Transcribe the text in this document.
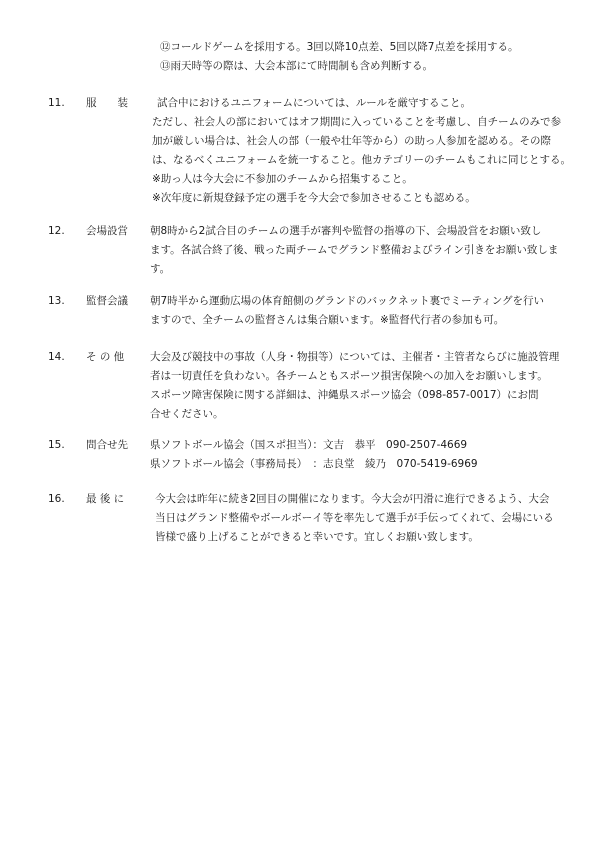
⑫コールドゲームを採用する。3回以降10点差、5回以降7点差を採用する。
⑬雨天時等の際は、大会本部にて時間制も含め判断する。
11. 服　　装	試合中におけるユニフォームについては、ルールを厳守すること。
ただし、社会人の部においてはオフ期間に入っていることを考慮し、自チームのみで参
加が厳しい場合は、社会人の部（一般や壮年等から）の助っ人参加を認める。その際
は、なるべくユニフォームを統一すること。他カテゴリーのチームもこれに同じとする。
※助っ人は今大会に不参加のチームから招集すること。
※次年度に新規登録予定の選手を今大会で参加させることも認める。
12. 会場設営 朝8時から2試合目のチームの選手が審判や監督の指導の下、会場設営をお願い致し
ます。各試合終了後、戦った両チームでグランド整備およびライン引きをお願い致しま
す。
13. 監督会議 朝7時半から運動広場の体育館側のグランドのバックネット裏でミーティングを行い
ますので、全チームの監督さんは集合願います。※監督代行者の参加も可。
14. そ の 他 大会及び競技中の事故（人身・物損等）については、主催者・主管者ならびに施設管理
者は一切責任を負わない。各チームともスポーツ損害保険への加入をお願いします。
スポーツ障害保険に関する詳細は、沖縄県スポーツ協会（098-857-0017）にお問
合せください。
15. 問合せ先 県ソフトボール協会（国スポ担当）：文吉　恭平　090-2507-4669
県ソフトボール協会（事務局長）　：志良堂　綾乃　070-5419-6969
16. 最 後 に	今大会は昨年に続き2回目の開催になります。今大会が円滑に進行できるよう、大会
当日はグランド整備やボールボーイ等を率先して選手が手伝ってくれて、会場にいる
皆様で盛り上げることができると幸いです。宜しくお願い致します。
